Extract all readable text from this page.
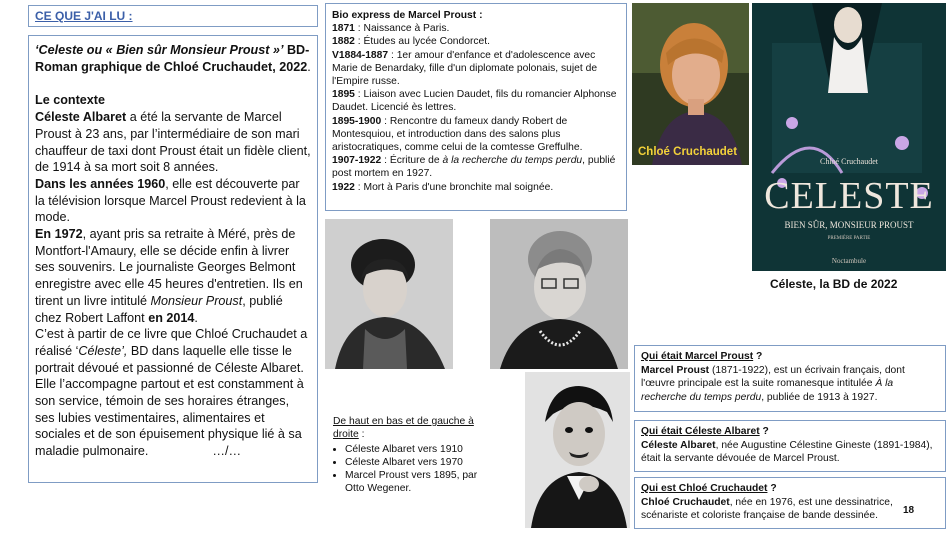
CE QUE J'AI LU :

‘Celeste ou « Bien sûr Monsieur Proust »’ BD-Roman graphique de Chloé Cruchaudet, 2022.

Le contexte

Céleste Albaret a été la servante de Marcel Proust à 23 ans, par l’intermédiaire de son mari chauffeur de taxi dont Proust était un fidèle client, de 1914 à sa mort soit 8 années.

Dans les années 1960, elle est découverte par la télévision lorsque Marcel Proust redevient à la mode.

En 1972, ayant pris sa retraite à Méré, près de Montfort-l'Amaury, elle se décide enfin à livrer ses souvenirs. Le journaliste Georges Belmont enregistre avec elle 45 heures d'entretien. Ils en tirent un livre intitulé Monsieur Proust, publié chez Robert Laffont en 2014.

C’est à partir de ce livre que Chloé Cruchaudet a réalisé ‘Céleste’, BD dans laquelle elle tisse le portrait dévoué et passionné de Céleste Albaret. Elle l’accompagne partout et est constamment à son service, témoin de ses horaires étranges, ses lubies vestimentaires, alimentaires et sociales et de son épuisement physique lié à sa maladie pulmonaire.	…/…

Bio express de Marcel Proust :

1871 : Naissance à Paris.

1882 : Études au lycée Condorcet.

V1884-1887 : 1er amour d'enfance et d'adolescence avec Marie de Benardaky, fille d'un diplomate polonais, sujet de l'Empire russe.

1895 : Liaison avec Lucien Daudet, fils du romancier Alphonse Daudet. Licencié ès lettres.

1895-1900 : Rencontre du fameux dandy Robert de Montesquiou, et introduction dans des salons plus aristocratiques, comme celui de la comtesse Greffulhe.

1907-1922 : Écriture de à la recherche du temps perdu, publié post mortem en 1927.

1922 : Mort à Paris d'une bronchite mal soignée.

Chloé Cruchaudet
Chloé Cruchaudet
CELESTE
BIEN SÛR, MONSIEUR PROUST
PREMIÈRE PARTIE
Noctambule
Céleste, la BD de 2022
De haut en bas et de gauche à droite :
• Céleste Albaret vers 1910
• Céleste Albaret vers 1970
• Marcel Proust vers 1895, par Otto Wegener.

Qui était Marcel Proust ?

Marcel Proust (1871-1922), est un écrivain français, dont l'œuvre principale est la suite romanesque intitulée À la recherche du temps perdu, publiée de 1913 à 1927.

Qui était Céleste Albaret ?

Céleste Albaret, née Augustine Célestine Gineste (1891-1984), était la servante dévouée de Marcel Proust.

Qui est Chloé Cruchaudet ?

Chloé Cruchaudet, née en 1976, est une dessinatrice, scénariste et coloriste française de bande dessinée.	18
